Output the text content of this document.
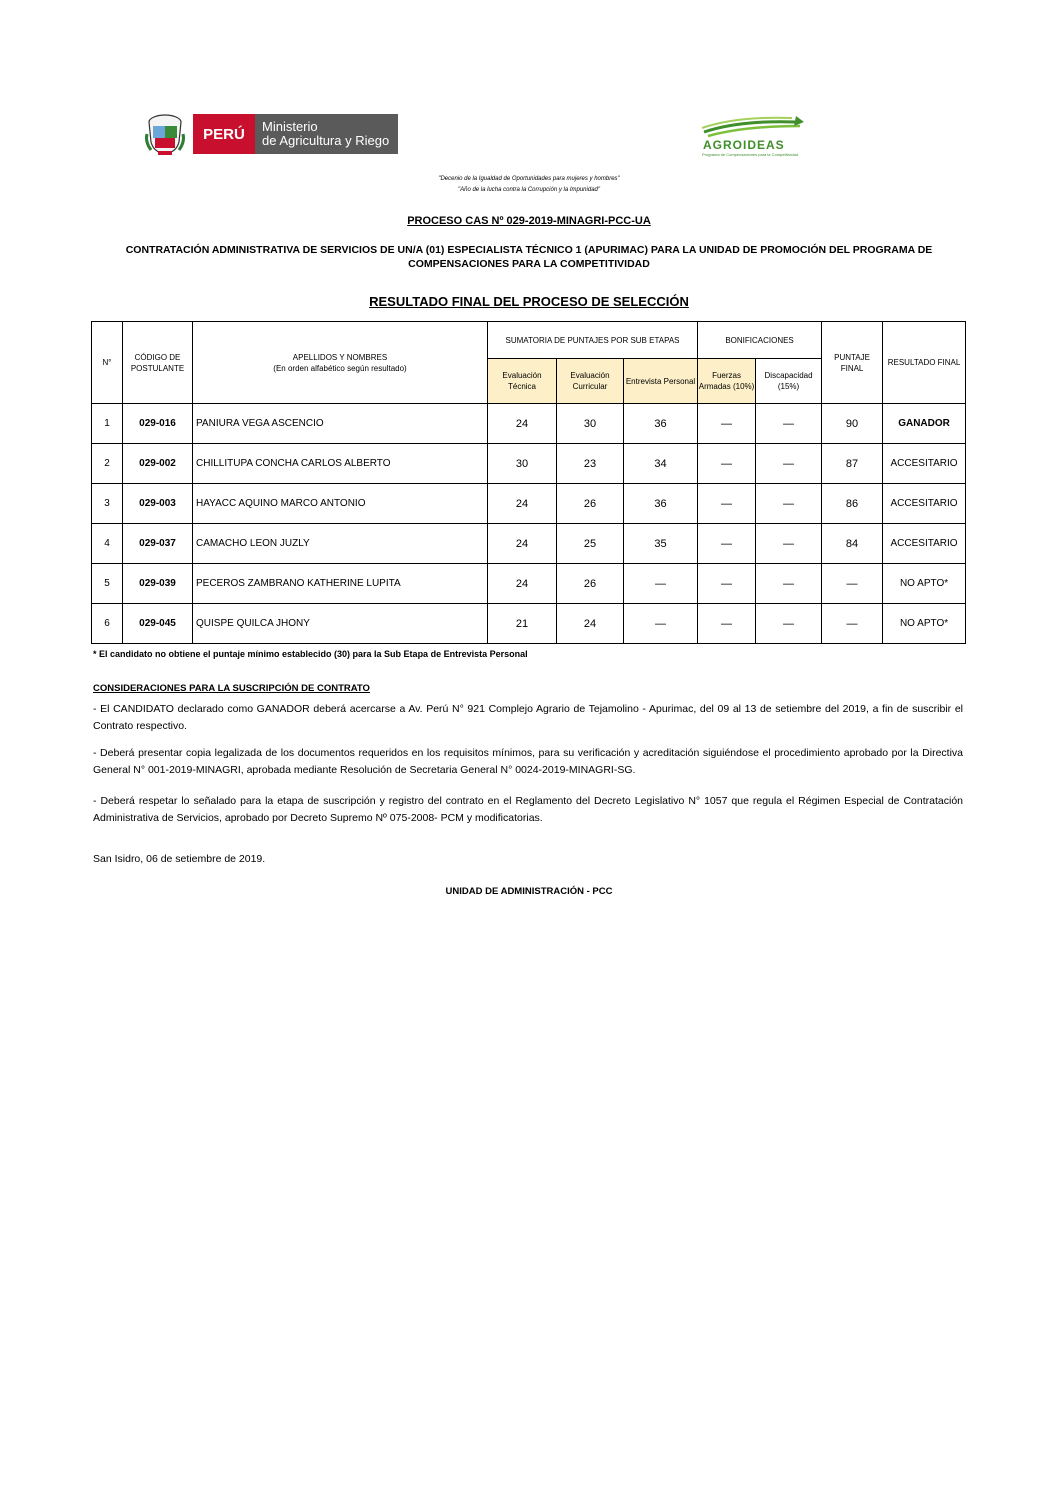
PERÚ	Ministerio
de Agricultura y Riego	AGROIDEAS
Programa de Compensaciones para la Competitividad
"Decenio de la Igualdad de Oportunidades para mujeres y hombres"
"Año de la lucha contra la Corrupción y la Impunidad"
PROCESO CAS Nº 029-2019-MINAGRI-PCC-UA
CONTRATACIÓN ADMINISTRATIVA DE SERVICIOS DE UN/A (01) ESPECIALISTA TÉCNICO 1 (APURIMAC) PARA LA UNIDAD DE PROMOCIÓN DEL PROGRAMA DE COMPENSACIONES PARA LA COMPETITIVIDAD
RESULTADO FINAL DEL PROCESO DE SELECCIÓN
N°	CÓDIGO DE POSTULANTE	APELLIDOS Y NOMBRES
(En orden alfabético según resultado)	SUMATORIA DE PUNTAJES POR SUB ETAPAS			BONIFICACIONES		PUNTAJE FINAL	RESULTADO FINAL
			Evaluación Técnica	Evaluación Curricular	Entrevista Personal	Fuerzas Armadas (10%)	Discapacidad (15%)		
1	029-016	PANIURA VEGA ASCENCIO	24	30	36	—	—	90	GANADOR
2	029-002	CHILLITUPA CONCHA CARLOS ALBERTO	30	23	34	—	—	87	ACCESITARIO
3	029-003	HAYACC AQUINO MARCO ANTONIO	24	26	36	—	—	86	ACCESITARIO
4	029-037	CAMACHO LEON JUZLY	24	25	35	—	—	84	ACCESITARIO
5	029-039	PECEROS ZAMBRANO KATHERINE LUPITA	24	26	—	—	—	—	NO APTO*
6	029-045	QUISPE QUILCA JHONY	21	24	—	—	—	—	NO APTO*
* El candidato no obtiene el puntaje mínimo establecido (30) para la Sub Etapa de Entrevista Personal
CONSIDERACIONES PARA LA SUSCRIPCIÓN DE CONTRATO
- El CANDIDATO declarado como GANADOR deberá acercarse a Av. Perú N° 921 Complejo Agrario de Tejamolino - Apurimac, del 09 al 13 de setiembre del 2019, a fin de suscribir el Contrato respectivo.
- Deberá presentar copia legalizada de los documentos requeridos en los requisitos mínimos, para su verificación y acreditación siguiéndose el procedimiento aprobado por la Directiva General N° 001-2019-MINAGRI, aprobada mediante Resolución de Secretaria General N° 0024-2019-MINAGRI-SG.
- Deberá respetar lo señalado para la etapa de suscripción y registro del contrato en el Reglamento del Decreto Legislativo N° 1057 que regula el Régimen Especial de Contratación Administrativa de Servicios, aprobado por Decreto Supremo Nº 075-2008- PCM y modificatorias.
San Isidro, 06 de setiembre de 2019.
UNIDAD DE ADMINISTRACIÓN - PCC
